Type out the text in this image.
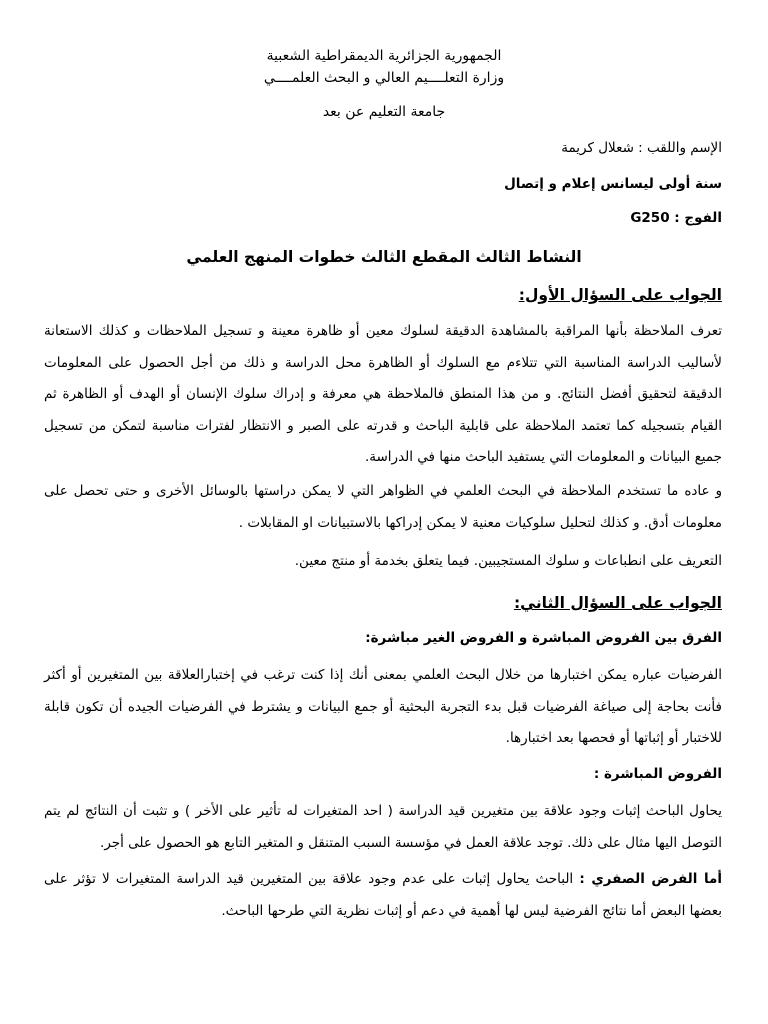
الجمهورية الجزائرية الديمقراطية الشعبية
وزارة التعلــــيم العالي و البحث العلمــــي
جامعة التعليم عن بعد
الإسم واللقب : شعلال كريمة
سنة أولى ليسانس إعلام و إتصال
الفوج : G250
النشاط الثالث المقطع الثالث خطوات المنهج العلمي
الجواب على السؤال الأول:
تعرف الملاحظة بأنها المراقبة بالمشاهدة الدقيقة لسلوك معين أو ظاهرة معينة و تسجيل الملاحظات و كذلك الاستعانة لأساليب الدراسة المناسبة التي تتلاءم مع السلوك أو الظاهرة محل الدراسة و ذلك من أجل الحصول على المعلومات الدقيقة لتحقيق أفضل النتائج. و من هذا المنطق فالملاحظة هي معرفة و إدراك سلوك الإنسان أو الهدف أو الظاهرة ثم القيام بتسجيله كما تعتمد الملاحظة على قابلية الباحث و قدرته على الصبر و الانتظار لفترات مناسبة لتمكن من تسجيل جميع البيانات و المعلومات التي يستفيد الباحث منها في الدراسة.
و عاده ما تستخدم الملاحظة في البحث العلمي في الظواهر التي لا يمكن دراستها بالوسائل الأخرى و حتى تحصل على معلومات أدق. و كذلك لتحليل سلوكيات معنية لا يمكن إدراكها بالاستبيانات او المقابلات .
التعريف على انطباعات و سلوك المستجيبين. فيما يتعلق بخدمة أو منتج معين.
الجواب على السؤال الثاني:
الفرق بين الفروض المباشرة و الفروض الغير مباشرة:
الفرضيات عباره يمكن اختبارها من خلال البحث العلمي بمعنى أنك إذا كنت ترغب في إختبارالعلاقة بين المتغيرين أو أكثر فأنت بحاجة إلى صياغة الفرضيات قبل بدء التجربة البحثية أو جمع البيانات و يشترط في الفرضيات الجيده أن تكون قابلة للاختبار أو إثباتها أو فحصها بعد اختبارها.
الفروض المباشرة :
يحاول الباحث إثبات وجود علاقة بين متغيرين قيد الدراسة ( احد المتغيرات له تأثير على الأخر ) و تثبت أن النتائج لم يتم التوصل اليها مثال على ذلك. توجد علاقة العمل في مؤسسة السبب المتنقل و المتغير التابع هو الحصول على أجر.
أما الفرض الصفري : الباحث يحاول إثبات على عدم وجود علاقة بين المتغيرين قيد الدراسة المتغيرات لا تؤثر على بعضها البعض أما نتائج الفرضية ليس لها أهمية في دعم أو إثبات نظرية التي طرحها الباحث.
